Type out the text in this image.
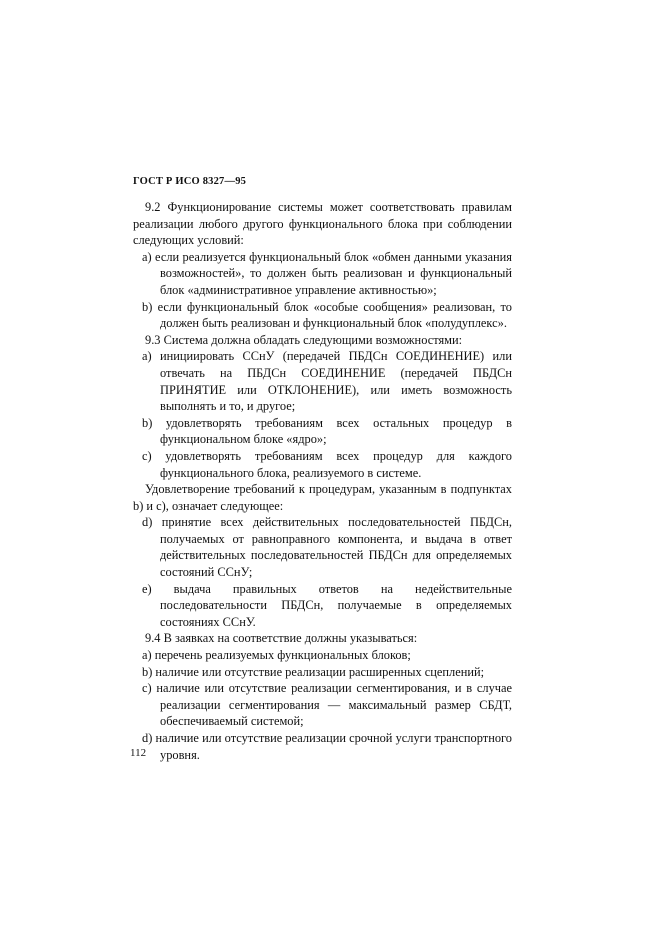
ГОСТ Р ИСО 8327—95

9.2 Функционирование системы может соответствовать правилам реализации любого другого функционального блока при соблюдении следующих условий:

a) если реализуется функциональный блок «обмен данными указания возможностей», то должен быть реализован и функциональный блок «административное управление активностью»;

b) если функциональный блок «особые сообщения» реализован, то должен быть реализован и функциональный блок «полудуплекс».

9.3 Система должна обладать следующими возможностями:

a) инициировать ССнУ (передачей ПБДСн СОЕДИНЕНИЕ) или отвечать на ПБДСн СОЕДИНЕНИЕ (передачей ПБДСн ПРИНЯТИЕ или ОТКЛОНЕНИЕ), или иметь возможность выполнять и то, и другое;

b) удовлетворять требованиям всех остальных процедур в функциональном блоке «ядро»;

c) удовлетворять требованиям всех процедур для каждого функционального блока, реализуемого в системе.

Удовлетворение требований к процедурам, указанным в подпунктах b) и c), означает следующее:

d) принятие всех действительных последовательностей ПБДСн, получаемых от равноправного компонента, и выдача в ответ действительных последовательностей ПБДСн для определяемых состояний ССнУ;

e) выдача правильных ответов на недействительные последовательности ПБДСн, получаемые в определяемых состояниях ССнУ.

9.4 В заявках на соответствие должны указываться:

a) перечень реализуемых функциональных блоков;

b) наличие или отсутствие реализации расширенных сцеплений;

c) наличие или отсутствие реализации сегментирования, и в случае реализации сегментирования — максимальный размер СБДТ, обеспечиваемый системой;

d) наличие или отсутствие реализации срочной услуги транспортного уровня.

112
